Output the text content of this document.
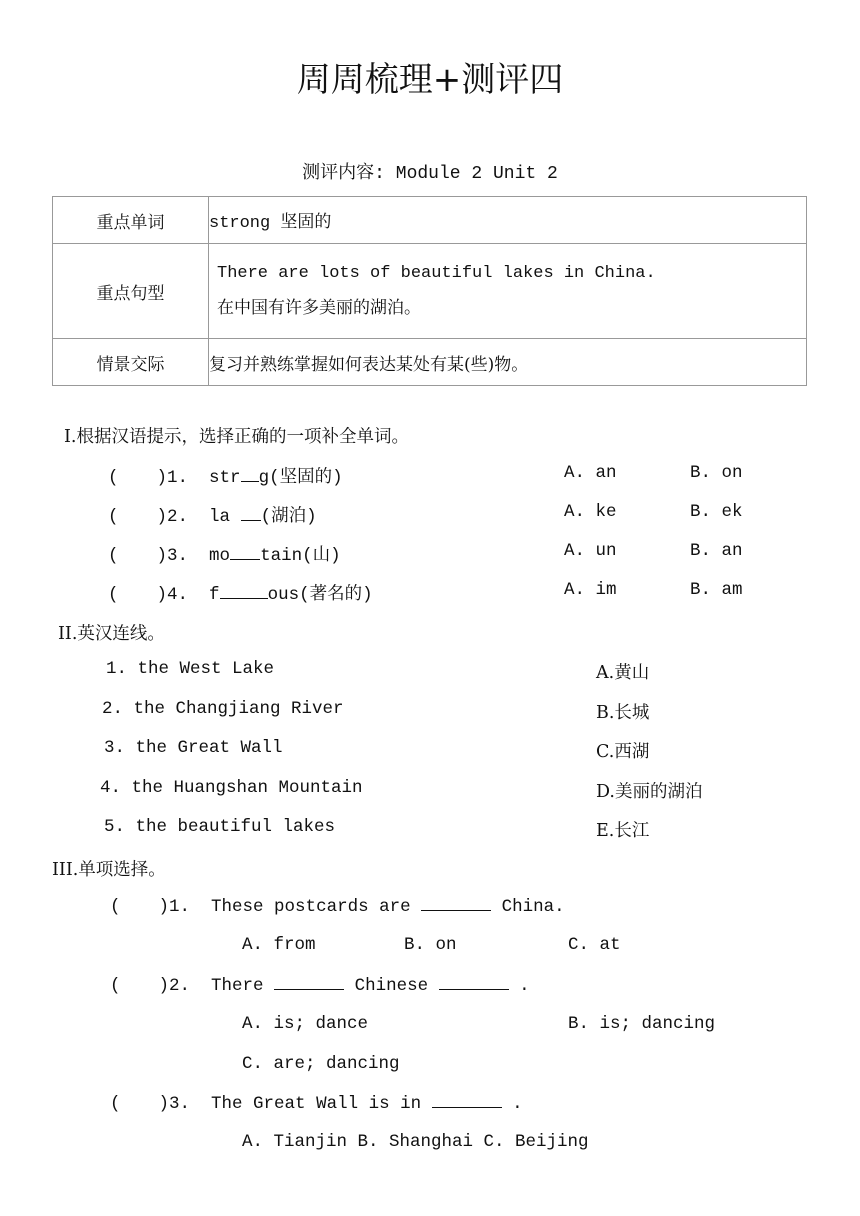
周周梳理+测评四
测评内容: Module 2 Unit 2
重点单词	strong 坚固的
重点句型	There are lots of beautiful lakes in China.
在中国有许多美丽的湖泊。

情景交际	复习并熟练掌握如何表达某处有某(些)物。
I.根据汉语提示，选择正确的一项补全单词。
( )1. str g(坚固的)	A. an	B. on
( )2. la (湖泊)	A. ke	B. ek
( )3. mo tain(山)	A. un	B. an
( )4. f	ous(著名的)	A. im	B. am
II.英汉连线。
1. the West Lake
2. the Changjiang River
3. the Great Wall
4. the Huangshan Mountain
5. the beautiful lakes
A.黄山
B.长城
C.西湖
D.美丽的湖泊
E.长江
III.单项选择。
( )1. These postcards are	China.
A. from	B. on	C. at
( )2. There	Chinese	.
A. is; dance	B. is; dancing
C. are; dancing
( )3. The Great Wall is in	.
A. Tianjin B. Shanghai C. Beijing
